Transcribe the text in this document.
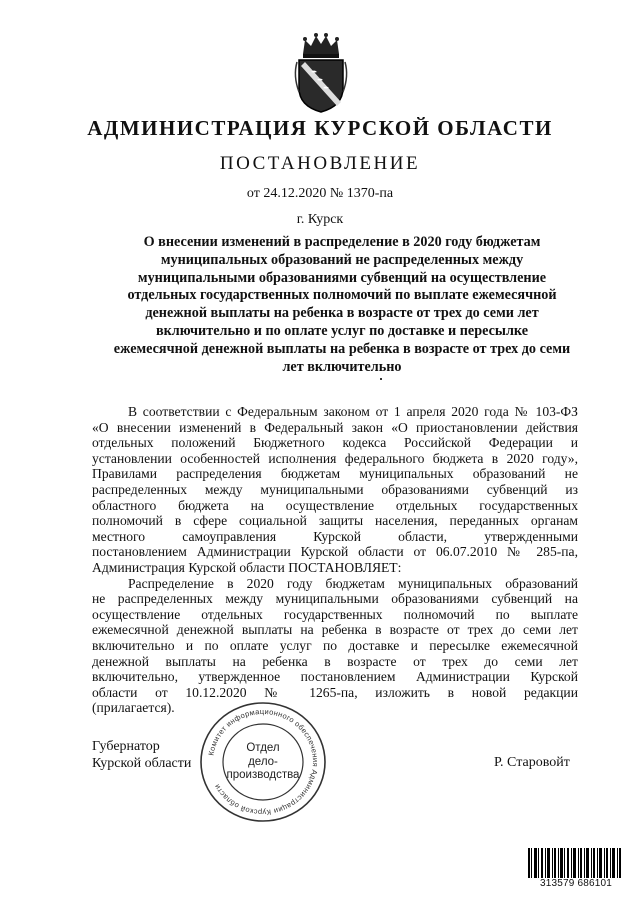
АДМИНИСТРАЦИЯ КУРСКОЙ ОБЛАСТИ
ПОСТАНОВЛЕНИЕ
от 24.12.2020 № 1370-па
г. Курск
О внесении изменений в распределение в 2020 году бюджетам
муниципальных образований не распределенных между
муниципальными образованиями субвенций на осуществление
отдельных государственных полномочий по выплате ежемесячной
денежной выплаты на ребенка в возрасте от трех до семи лет
включительно и по оплате услуг по доставке и пересылке
ежемесячной денежной выплаты на ребенка в возрасте от трех до семи
лет включительно
В соответствии с Федеральным законом от 1 апреля 2020 года № 103-ФЗ
«О внесении изменений в Федеральный закон «О приостановлении действия
отдельных положений Бюджетного кодекса Российской Федерации и
установлении особенностей исполнения федерального бюджета в 2020 году»,
Правилами распределения бюджетам муниципальных образований не
распределенных между муниципальными образованиями субвенций из
областного бюджета на осуществление отдельных государственных
полномочий в сфере социальной защиты населения, переданных органам
местного самоуправления Курской области, утвержденными
постановлением Администрации Курской области от 06.07.2010 № 285-па,
Администрация Курской области ПОСТАНОВЛЯЕТ:
Распределение в 2020 году бюджетам муниципальных образований
не распределенных между муниципальными образованиями субвенций на
осуществление отдельных государственных полномочий по выплате
ежемесячной денежной выплаты на ребенка в возрасте от трех до семи лет
включительно и по оплате услуг по доставке и пересылке ежемесячной
денежной выплаты на ребенка в возрасте от трех до семи лет
включительно, утвержденное постановлением Администрации Курской
области от 10.12.2020 № 1265-па, изложить в новой редакции
(прилагается).
Губернатор
Курской области
Комитет информационного обеспечения Администрации Курской области
Отдел
дело-
производства
Р. Старовойт
313579 686101
